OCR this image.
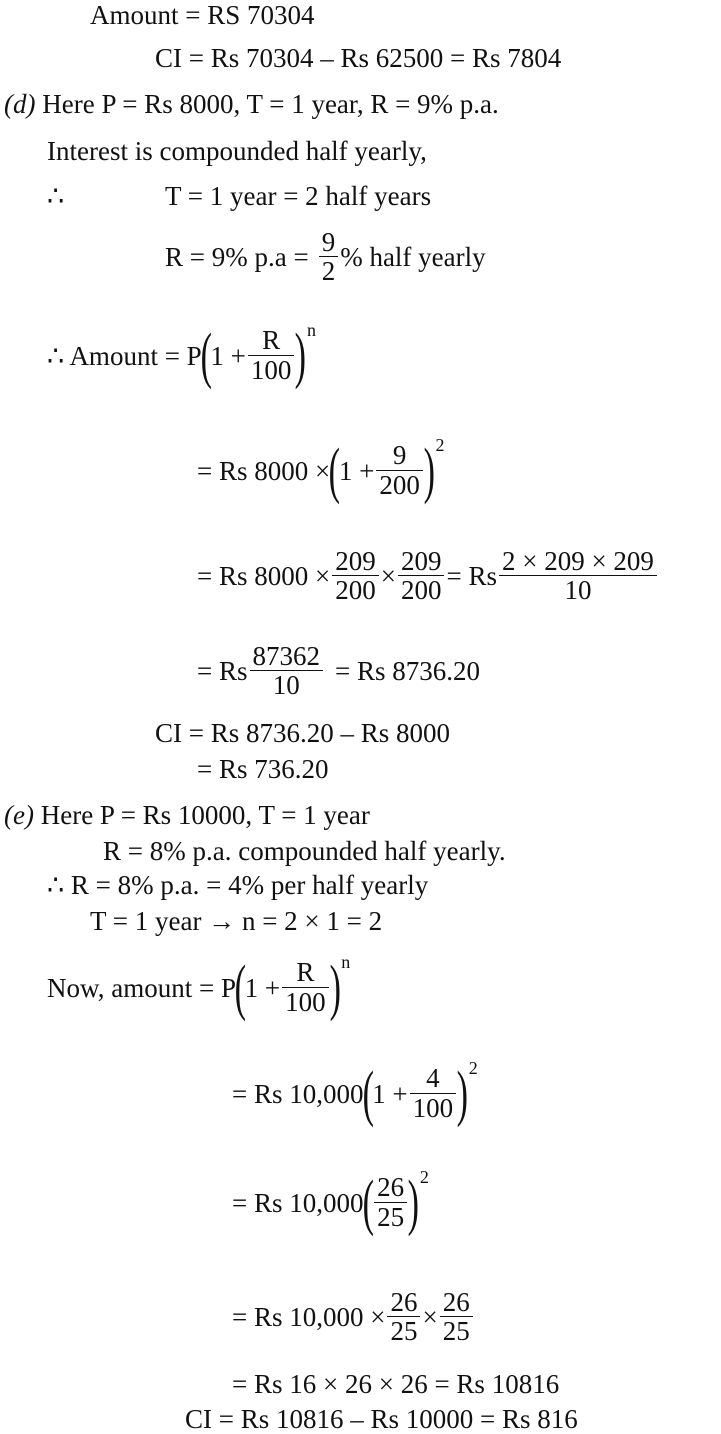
Amount = RS 70304
CI = Rs 70304 – Rs 62500 = Rs 7804
(d) Here P = Rs 8000, T = 1 year, R = 9% p.a.
Interest is compounded half yearly,
∴	T = 1 year = 2 half years
R = 9% $p.a = \frac{9}{2}$ % half yearly
∴ Amount = P
(
$1 + \frac{R}{100}$ ) n
= Rs 8000 ×
(
$1 + \frac{9}{200}$ ) 2
= Rs $8000 \times \frac{209}{200} \times \frac{209}{200} = Rs \frac{2 \times 209 \times 209}{10}$
= Rs $\frac{87362}{10} = Rs$ 8736.20
CI = Rs 8736.20 – Rs 8000
= Rs 736.20
(e) Here P = Rs 10000, T = 1 year
R = 8% p.a. compounded half yearly.
∴ R = 8% p.a. = 4% per half yearly
T = 1 year → n = 2 × 1 = 2
Now, amount = P
(
$1 + \frac{R}{100}$ ) n
= Rs 10,000
(
$1 + \frac{4}{100}$ ) 2
= Rs 10,000
( $\frac{26}{25}$ ) 2
= Rs $10,000 \times \frac{26}{25} \times \frac{26}{25}$
= Rs 16 × 26 × 26 = Rs 10816
CI = Rs 10816 – Rs 10000 = Rs 816
